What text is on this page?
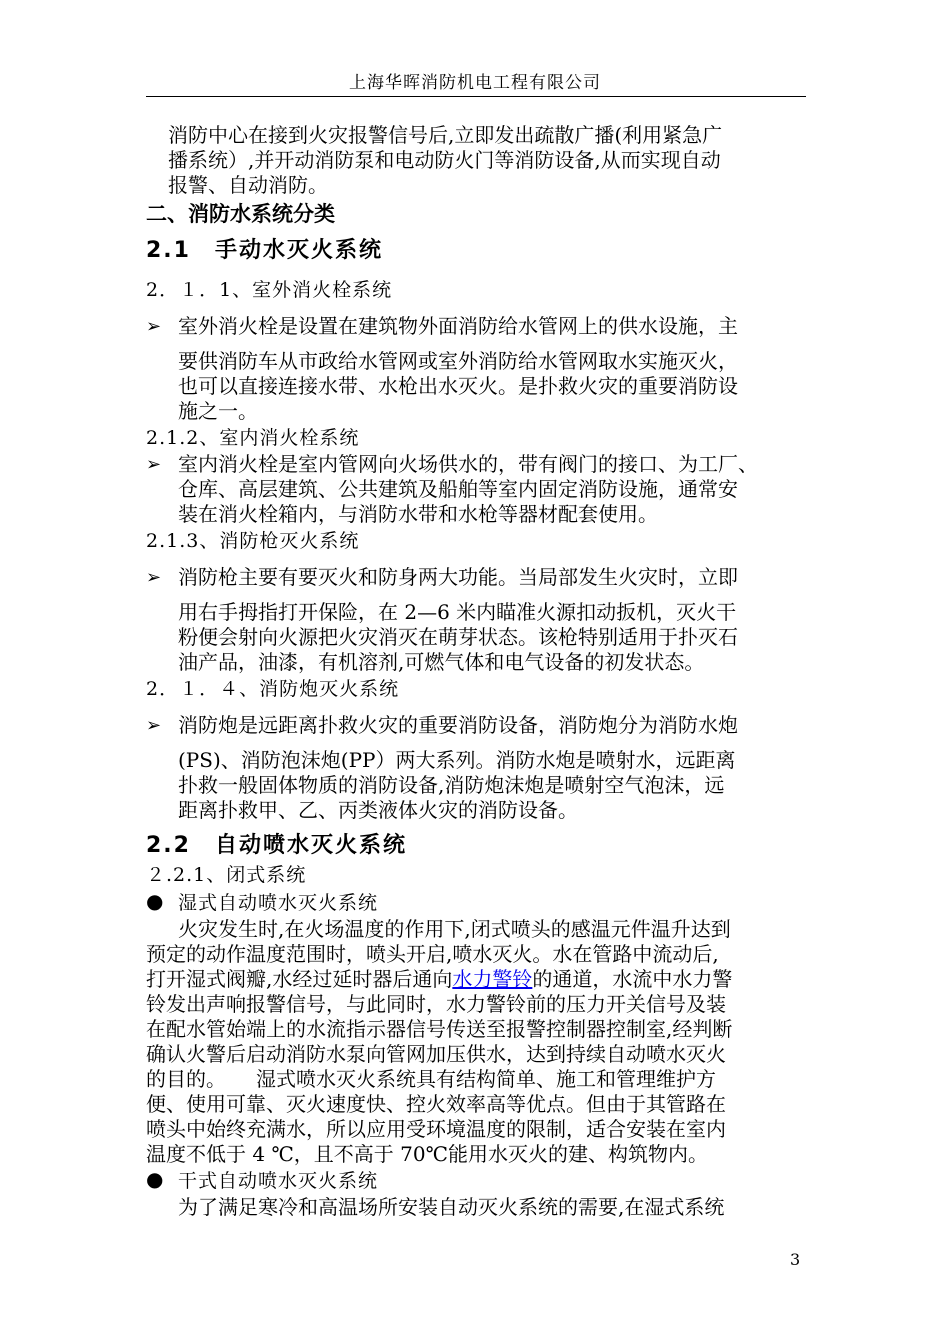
上海华晖消防机电工程有限公司
消防中心在接到火灾报警信号后,立即发出疏散广播(利用紧急广
播系统）,并开动消防泵和电动防火门等消防设备,从而实现自动
报警、自动消防。
二、消防水系统分类
2.1　手动水灭火系统
2．１．1、室外消火栓系统
➢ 室外消火栓是设置在建筑物外面消防给水管网上的供水设施，主
要供消防车从市政给水管网或室外消防给水管网取水实施灭火，
也可以直接连接水带、水枪出水灭火。是扑救火灾的重要消防设
施之一。
2.1.2、室内消火栓系统
➢ 室内消火栓是室内管网向火场供水的，带有阀门的接口、为工厂、
仓库、高层建筑、公共建筑及船舶等室内固定消防设施，通常安
装在消火栓箱内，与消防水带和水枪等器材配套使用。
2.1.3、消防枪灭火系统
➢ 消防枪主要有要灭火和防身两大功能。当局部发生火灾时，立即
用右手拇指打开保险，在 2—6 米内瞄准火源扣动扳机，灭火干
粉便会射向火源把火灾消灭在萌芽状态。该枪特别适用于扑灭石
油产品，油漆，有机溶剂,可燃气体和电气设备的初发状态。
2．１．４、消防炮灭火系统
➢ 消防炮是远距离扑救火灾的重要消防设备，消防炮分为消防水炮
(PS)、消防泡沫炮(PP）两大系列。消防水炮是喷射水，远距离
扑救一般固体物质的消防设备,消防炮沫炮是喷射空气泡沫，远
距离扑救甲、乙、丙类液体火灾的消防设备。
2.2　自动喷水灭火系统
２.2.1、闭式系统
● 湿式自动喷水灭火系统
火灾发生时,在火场温度的作用下,闭式喷头的感温元件温升达到
预定的动作温度范围时，喷头开启,喷水灭火。水在管路中流动后,
打开湿式阀瓣,水经过延时器后通向水力警铃的通道，水流中水力警
铃发出声响报警信号，与此同时，水力警铃前的压力开关信号及装
在配水管始端上的水流指示器信号传送至报警控制器控制室,经判断
确认火警后启动消防水泵向管网加压供水，达到持续自动喷水灭火
的目的。　　湿式喷水灭火系统具有结构简单、施工和管理维护方
便、使用可靠、灭火速度快、控火效率高等优点。但由于其管路在
喷头中始终充满水，所以应用受环境温度的限制，适合安装在室内
温度不低于 4 ℃，且不高于 70℃能用水灭火的建、构筑物内。
● 干式自动喷水灭火系统
为了满足寒冷和高温场所安装自动灭火系统的需要,在湿式系统
3
